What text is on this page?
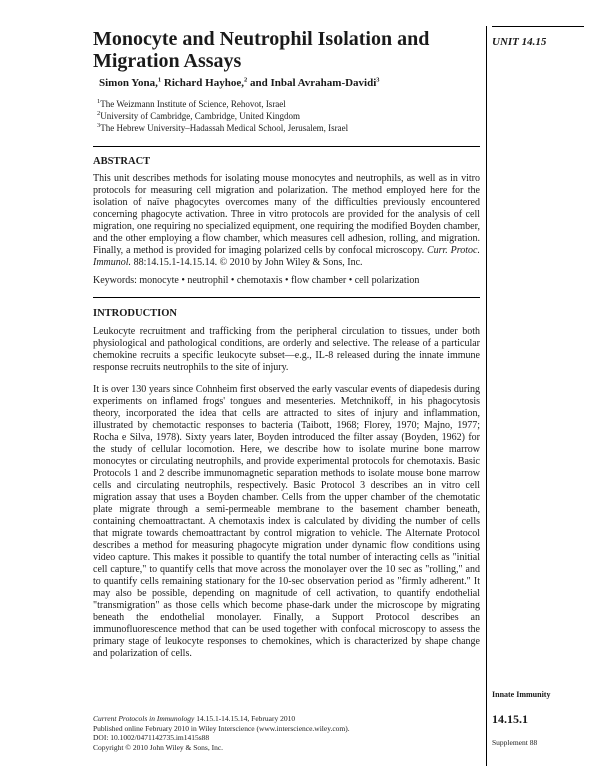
Monocyte and Neutrophil Isolation and Migration Assays
Simon Yona,$^1$ Richard Hayhoe,$^2$ and Inbal Avraham-Davidi$^3$
$^1$The Weizmann Institute of Science, Rehovot, Israel
$^2$University of Cambridge, Cambridge, United Kingdom
$^3$The Hebrew University–Hadassah Medical School, Jerusalem, Israel
ABSTRACT

This unit describes methods for isolating mouse monocytes and neutrophils, as well as in vitro protocols for measuring cell migration and polarization. The method employed here for the isolation of naïve phagocytes overcomes many of the difficulties previously encountered concerning phagocyte activation. Three in vitro protocols are provided for the analysis of cell migration, one requiring no specialized equipment, one requiring the modified Boyden chamber, and the other employing a flow chamber, which measures cell adhesion, rolling, and migration. Finally, a method is provided for imaging polarized cells by confocal microscopy. Curr. Protoc. Immunol. 88:14.15.1-14.15.14. © 2010 by John Wiley & Sons, Inc.

Keywords: monocyte • neutrophil • chemotaxis • flow chamber • cell polarization
INTRODUCTION

Leukocyte recruitment and trafficking from the peripheral circulation to tissues, under both physiological and pathological conditions, are orderly and selective. The release of a particular chemokine recruits a specific leukocyte subset—e.g., IL-8 released during the innate immune response recruits neutrophils to the site of injury.

It is over 130 years since Cohnheim first observed the early vascular events of diapedesis during experiments on inflamed frogs' tongues and mesenteries. Metchnikoff, in his phagocytosis theory, incorporated the idea that cells are attracted to sites of injury and inflammation, illustrated by chemotactic responses to bacteria (Taibott, 1968; Florey, 1970; Majno, 1977; Rocha e Silva, 1978). Sixty years later, Boyden introduced the filter assay (Boyden, 1962) for the study of cellular locomotion. Here, we describe how to isolate murine bone marrow monocytes or circulating neutrophils, and provide experimental protocols for chemotaxis. Basic Protocols 1 and 2 describe immunomagnetic separation methods to isolate mouse bone marrow cells and circulating neutrophils, respectively. Basic Protocol 3 describes an in vitro cell migration assay that uses a Boyden chamber. Cells from the upper chamber of the chemotatic plate migrate through a semi-permeable membrane to the basement chamber beneath, containing chemoattractant. A chemotaxis index is calculated by dividing the number of cells that migrate towards chemoattractant by control migration to vehicle. The Alternate Protocol describes a method for measuring phagocyte migration under dynamic flow conditions using video capture. This makes it possible to quantify the total number of interacting cells as "initial cell capture," to quantify cells that move across the monolayer over the 10 sec as "rolling," and to quantify cells remaining stationary for the 10-sec observation period as "firmly adherent." It may also be possible, depending on magnitude of cell activation, to quantify endothelial "transmigration" as those cells which become phase-dark under the microscope by migrating beneath the endothelial monolayer. Finally, a Support Protocol describes an immunofluorescence method that can be used together with confocal microscopy to assess the primary stage of leukocyte responses to chemokines, which is characterized by shape change and polarization of cells.

Current Protocols in Immunology 14.15.1-14.15.14, February 2010
Published online February 2010 in Wiley Interscience (www.interscience.wiley.com).
DOI: 10.1002/0471142735.im1415s88
Copyright © 2010 John Wiley & Sons, Inc.
UNIT 14.15
Innate Immunity
14.15.1
Supplement 88
